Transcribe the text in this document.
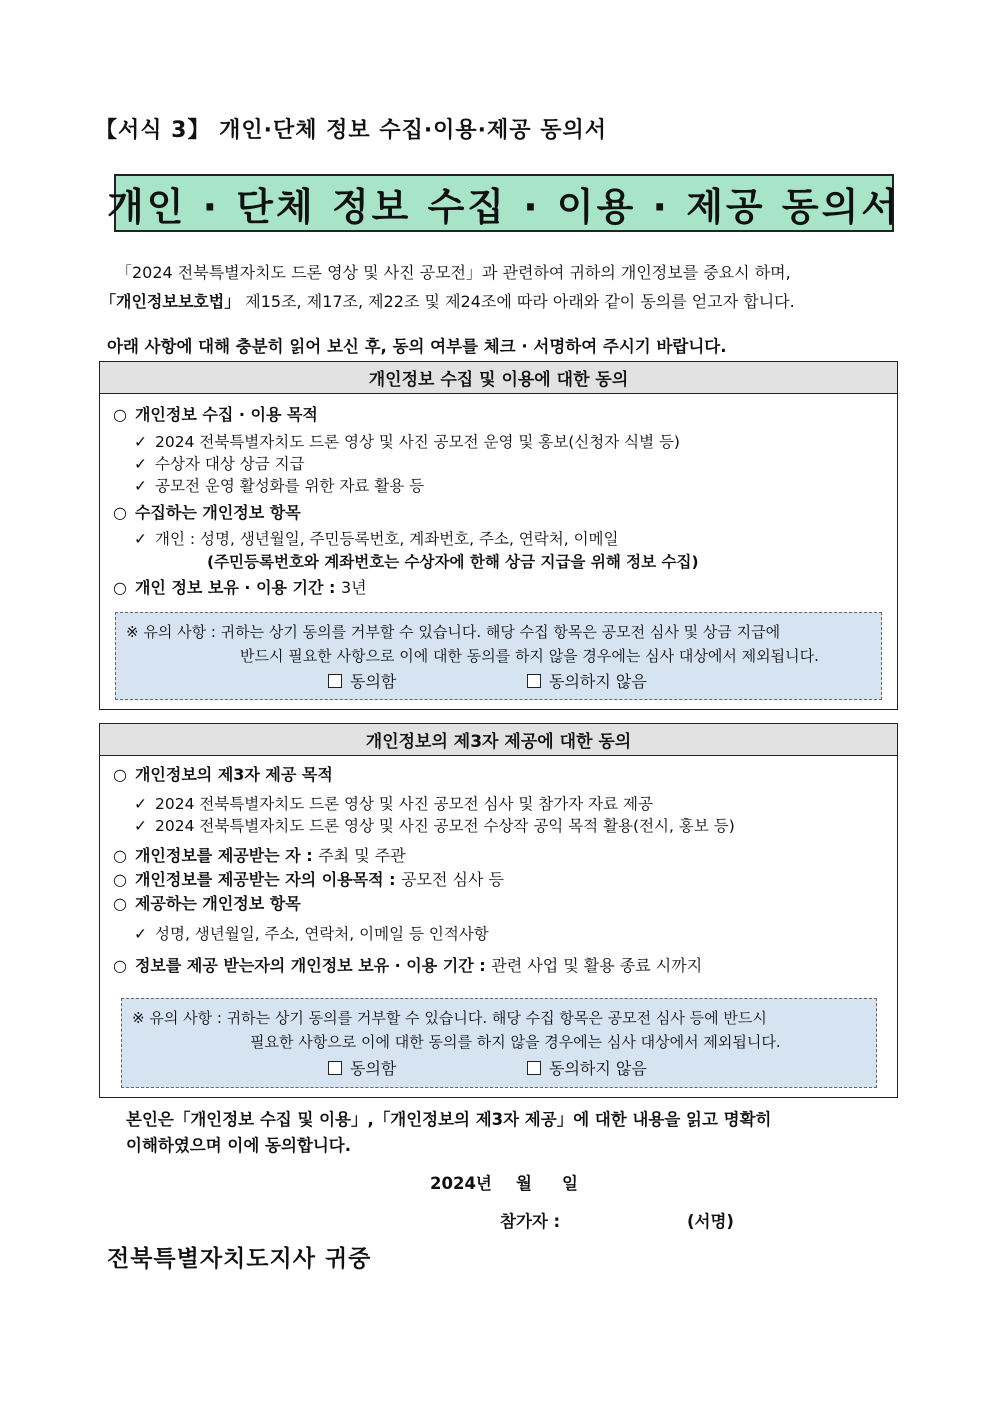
【서식 3】 개인·단체 정보 수집·이용·제공 동의서
개인 · 단체 정보 수집 · 이용 · 제공 동의서

「2024 전북특별자치도 드론 영상 및 사진 공모전」과 관련하여 귀하의 개인정보를 중요시 하며,

「개인정보보호법」 제15조, 제17조, 제22조 및 제24조에 따라 아래와 같이 동의를 얻고자 합니다.

아래 사항에 대해 충분히 읽어 보신 후, 동의 여부를 체크 · 서명하여 주시기 바랍니다.
개인정보 수집 및 이용에 대한 동의
○ 개인정보 수집 · 이용 목적
✓ 2024 전북특별자치도 드론 영상 및 사진 공모전 운영 및 홍보(신청자 식별 등)
✓ 수상자 대상 상금 지급
✓ 공모전 운영 활성화를 위한 자료 활용 등
○ 수집하는 개인정보 항목
✓ 개인 : 성명, 생년월일, 주민등록번호, 계좌번호, 주소, 연락처, 이메일
(주민등록번호와 계좌번호는 수상자에 한해 상금 지급을 위해 정보 수집)
○ 개인 정보 보유 · 이용 기간 : 3년
※ 유의 사항 : 귀하는 상기 동의를 거부할 수 있습니다. 해당 수집 항목은 공모전 심사 및 상금 지급에
반드시 필요한 사항으로 이에 대한 동의를 하지 않을 경우에는 심사 대상에서 제외됩니다.
동의함	동의하지 않음
개인정보의 제3자 제공에 대한 동의
○ 개인정보의 제3자 제공 목적
✓ 2024 전북특별자치도 드론 영상 및 사진 공모전 심사 및 참가자 자료 제공
✓ 2024 전북특별자치도 드론 영상 및 사진 공모전 수상작 공익 목적 활용(전시, 홍보 등)
○ 개인정보를 제공받는 자 : 주최 및 주관
○ 개인정보를 제공받는 자의 이용목적 : 공모전 심사 등
○ 제공하는 개인정보 항목
✓ 성명, 생년월일, 주소, 연락처, 이메일 등 인적사항
○ 정보를 제공 받는자의 개인정보 보유 · 이용 기간 : 관련 사업 및 활용 종료 시까지
※ 유의 사항 : 귀하는 상기 동의를 거부할 수 있습니다. 해당 수집 항목은 공모전 심사 등에 반드시
필요한 사항으로 이에 대한 동의를 하지 않을 경우에는 심사 대상에서 제외됩니다.
동의함	동의하지 않음
본인은「개인정보 수집 및 이용」,「개인정보의 제3자 제공」에 대한 내용을 읽고 명확히
이해하였으며 이에 동의합니다.
2024년 월 일
참가자 :	(서명)
전북특별자치도지사 귀중
